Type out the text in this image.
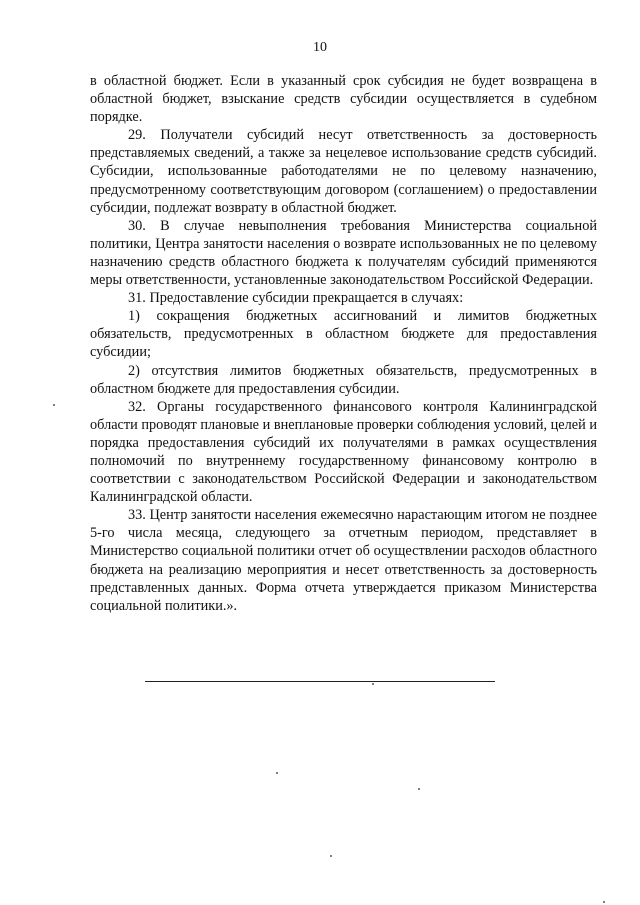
10

в областной бюджет. Если в указанный срок субсидия не будет возвращена в областной бюджет, взыскание средств субсидии осуществляется в судебном порядке.

29. Получатели субсидий несут ответственность за достоверность представляемых сведений, а также за нецелевое использование средств субсидий. Субсидии, использованные работодателями не по целевому назначению, предусмотренному соответствующим договором (соглашением) о предоставлении субсидии, подлежат возврату в областной бюджет.

30. В случае невыполнения требования Министерства социальной политики, Центра занятости населения о возврате использованных не по целевому назначению средств областного бюджета к получателям субсидий применяются меры ответственности, установленные законодательством Российской Федерации.

31. Предоставление субсидии прекращается в случаях:

1) сокращения бюджетных ассигнований и лимитов бюджетных обязательств, предусмотренных в областном бюджете для предоставления субсидии;

2) отсутствия лимитов бюджетных обязательств, предусмотренных в областном бюджете для предоставления субсидии.

32. Органы государственного финансового контроля Калининградской области проводят плановые и внеплановые проверки соблюдения условий, целей и порядка предоставления субсидий их получателями в рамках осуществления полномочий по внутреннему государственному финансовому контролю в соответствии с законодательством Российской Федерации и законодательством Калининградской области.

33. Центр занятости населения ежемесячно нарастающим итогом не позднее 5-го числа месяца, следующего за отчетным периодом, представляет в Министерство социальной политики отчет об осуществлении расходов областного бюджета на реализацию мероприятия и несет ответственность за достоверность представленных данных. Форма отчета утверждается приказом Министерства социальной политики.».
